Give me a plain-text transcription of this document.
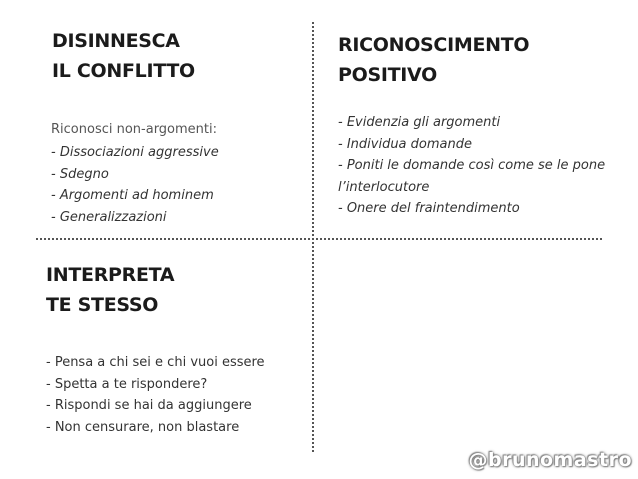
DISINNESCA
IL CONFLITTO
Riconosci non-argomenti:
- Dissociazioni aggressive
- Sdegno
- Argomenti ad hominem
- Generalizzazioni
RICONOSCIMENTO
POSITIVO
- Evidenzia gli argomenti
- Individua domande
- Poniti le domande così come se le pone
l’interlocutore
- Onere del fraintendimento
INTERPRETA
TE STESSO
- Pensa a chi sei e chi vuoi essere
- Spetta a te rispondere?
- Rispondi se hai da aggiungere
- Non censurare, non blastare
@brunomastro
